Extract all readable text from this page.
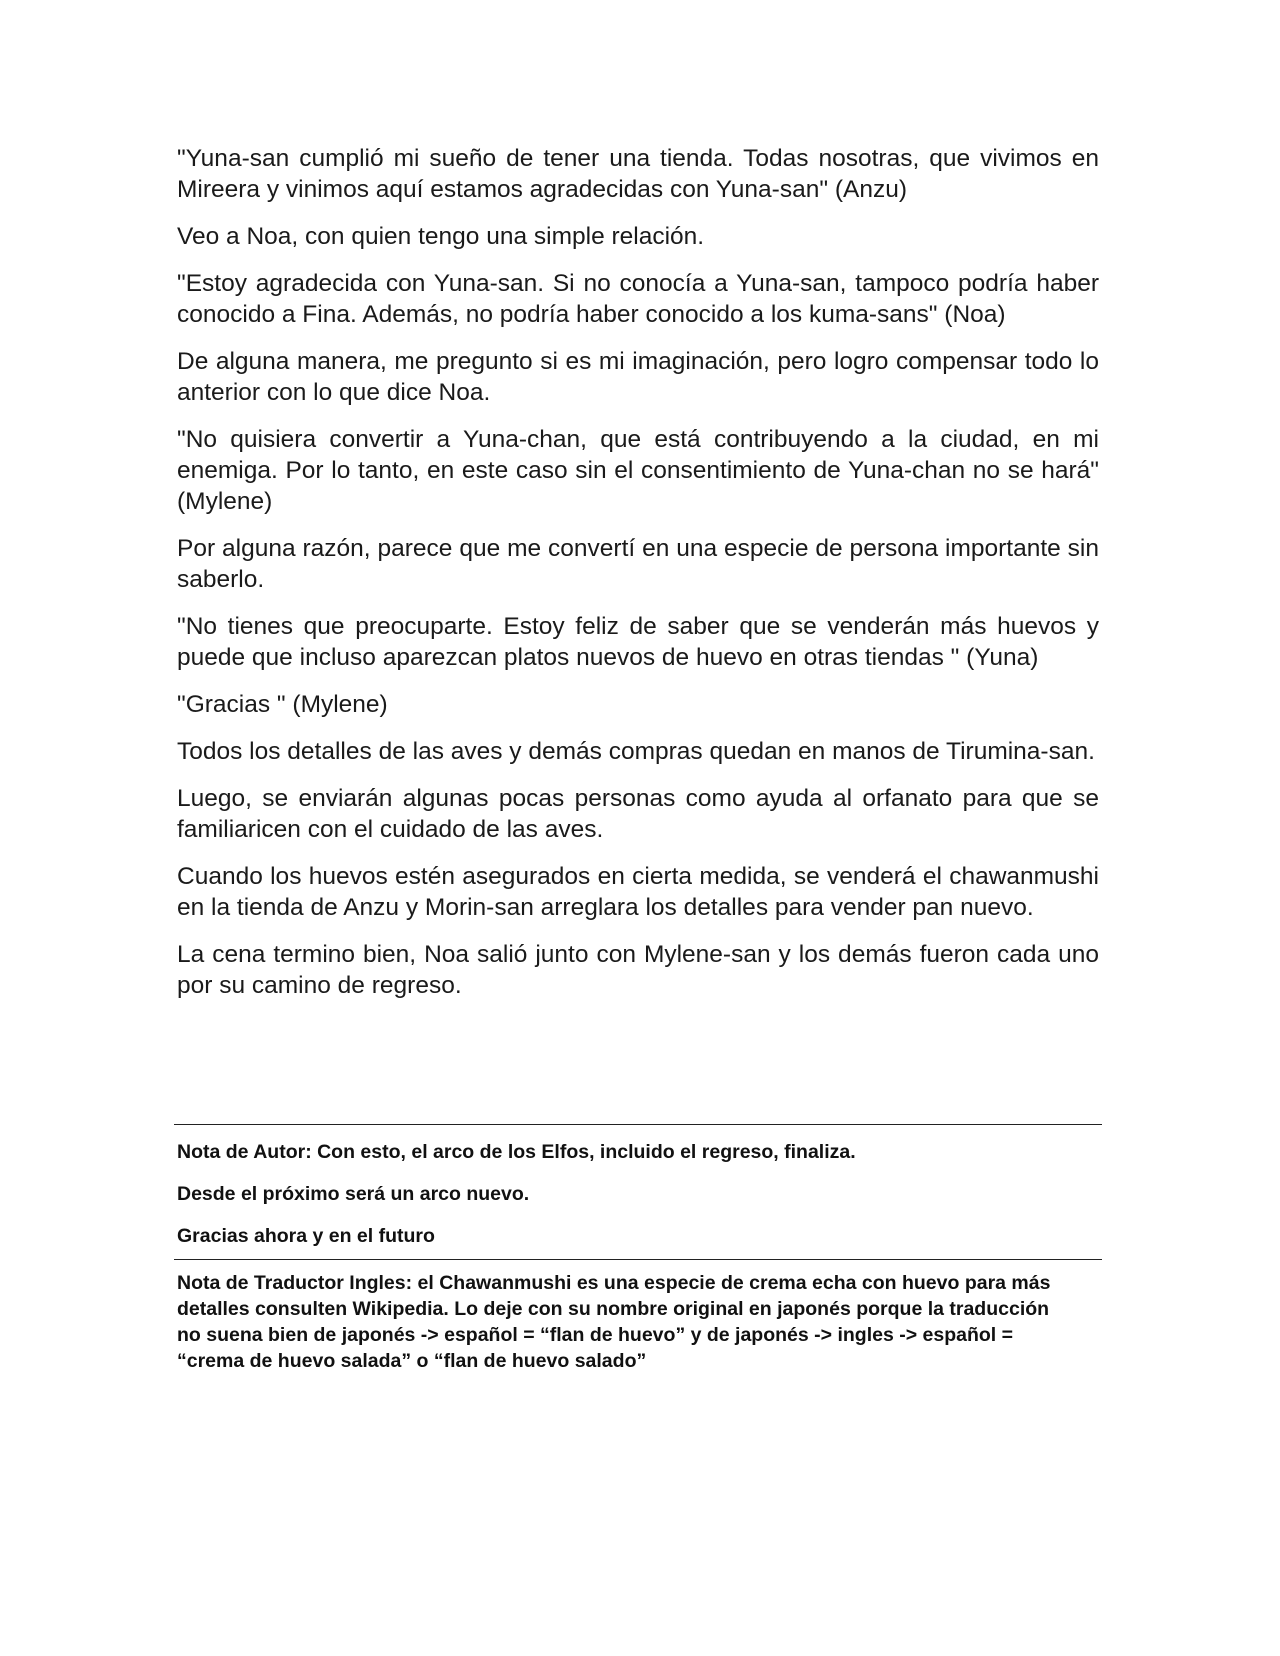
"Yuna-san cumplió mi sueño de tener una tienda. Todas nosotras, que vivimos en Mireera y vinimos aquí estamos agradecidas con Yuna-san" (Anzu)

Veo a Noa, con quien tengo una simple relación.

"Estoy agradecida con Yuna-san. Si no conocía a Yuna-san, tampoco podría haber conocido a Fina. Además, no podría haber conocido a los kuma-sans" (Noa)

De alguna manera, me pregunto si es mi imaginación, pero logro compensar todo lo anterior con lo que dice Noa.

"No quisiera convertir a Yuna-chan, que está contribuyendo a la ciudad, en mi enemiga. Por lo tanto, en este caso sin el consentimiento de Yuna-chan no se hará" (Mylene)

Por alguna razón, parece que me convertí en una especie de persona importante sin saberlo.

"No tienes que preocuparte. Estoy feliz de saber que se venderán más huevos y puede que incluso aparezcan platos nuevos de huevo en otras tiendas " (Yuna)

"Gracias " (Mylene)

Todos los detalles de las aves y demás compras quedan en manos de Tirumina-san.

Luego, se enviarán algunas pocas personas como ayuda al orfanato para que se familiaricen con el cuidado de las aves.

Cuando los huevos estén asegurados en cierta medida, se venderá el chawanmushi en la tienda de Anzu y Morin-san arreglara los detalles para vender pan nuevo.

La cena termino bien, Noa salió junto con Mylene-san y los demás fueron cada uno por su camino de regreso.

Nota de Autor: Con esto, el arco de los Elfos, incluido el regreso, finaliza.

Desde el próximo será un arco nuevo.

Gracias ahora y en el futuro

Nota de Traductor Ingles: el Chawanmushi es una especie de crema echa con huevo para más detalles consulten Wikipedia. Lo deje con su nombre original en japonés porque la traducción no suena bien de japonés -> español = “flan de huevo” y de japonés -> ingles -> español = “crema de huevo salada” o “flan de huevo salado”
